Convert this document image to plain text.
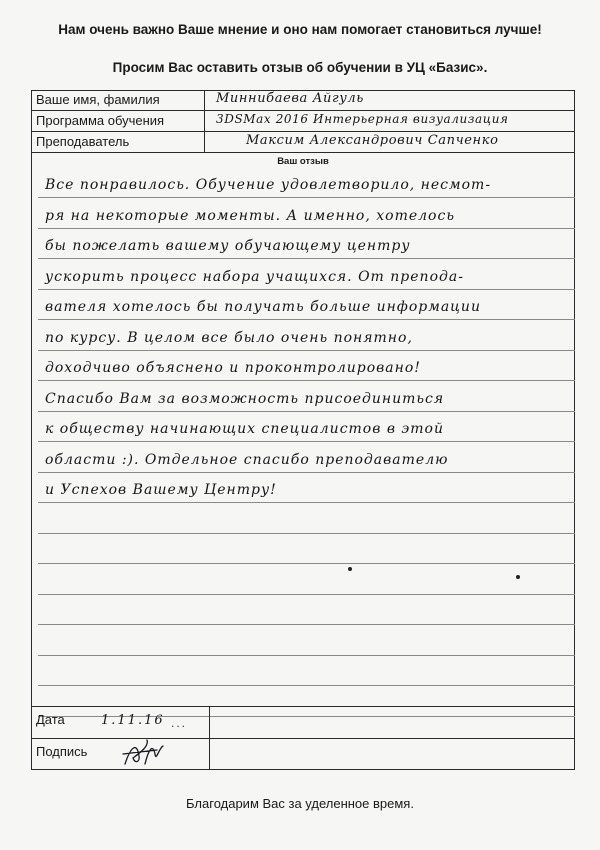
Нам очень важно Ваше мнение и оно нам помогает становиться лучше!
Просим Вас оставить отзыв об обучении в УЦ «Базис».
Ваше имя, фамилия	Миннибаева Айгуль
Программа обучения	3DSMax 2016 Интерьерная визуализация
Преподаватель	Максим Александрович Сапченко
Ваш отзыв
Все понравилось. Обучение удовлетворило, несмот-
ря на некоторые моменты. А именно, хотелось
бы пожелать вашему обучающему центру
ускорить процесс набора учащихся. От препода-
вателя хотелось бы получать больше информации
по курсу. В целом все было очень понятно,
доходчиво объяснено и проконтролировано!
Спасибо Вам за возможность присоединиться
к обществу начинающих специалистов в этой
области :). Отдельное спасибо преподавателю
и Успехов Вашему Центру!
Дата	1.11.16 ...
Подпись
Благодарим Вас за уделенное время.
